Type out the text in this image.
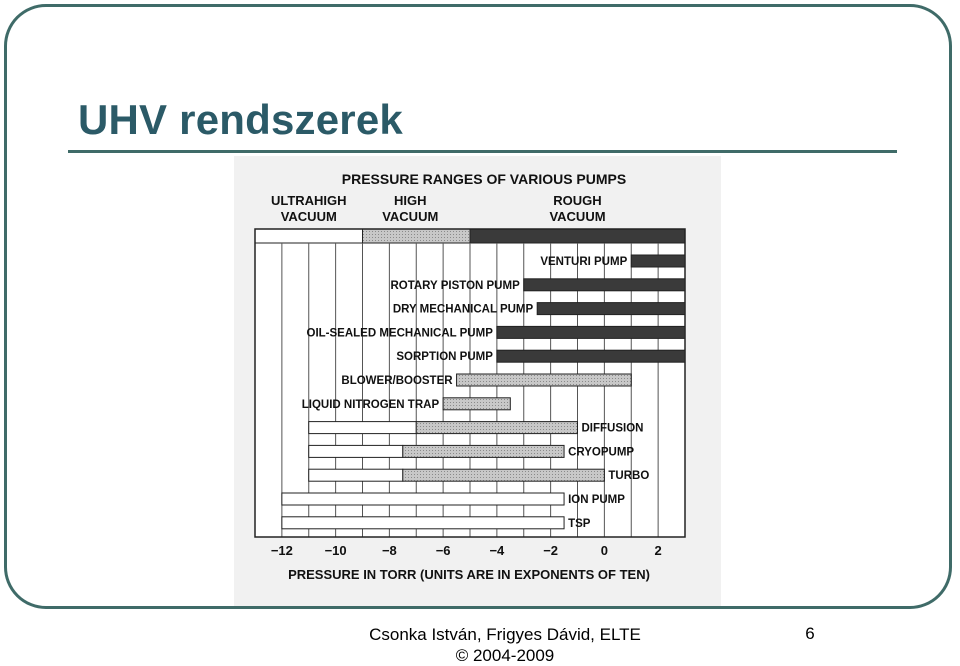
UHV rendszerek
PRESSURE RANGES OF VARIOUS PUMPS
ULTRAHIGH
VACUUM
HIGH
VACUUM
ROUGH
VACUUM
VENTURI PUMP
ROTARY PISTON PUMP
DRY MECHANICAL PUMP
OIL-SEALED MECHANICAL PUMP
SORPTION PUMP
BLOWER/BOOSTER
LIQUID NITROGEN TRAP
DIFFUSION
CRYOPUMP
TURBO
ION PUMP
TSP
−12 −10	−8	−6	−4	−2	0	2
PRESSURE IN TORR (UNITS ARE IN EXPONENTS OF TEN)
Csonka István, Frigyes Dávid, ELTE
© 2004-2009
6
